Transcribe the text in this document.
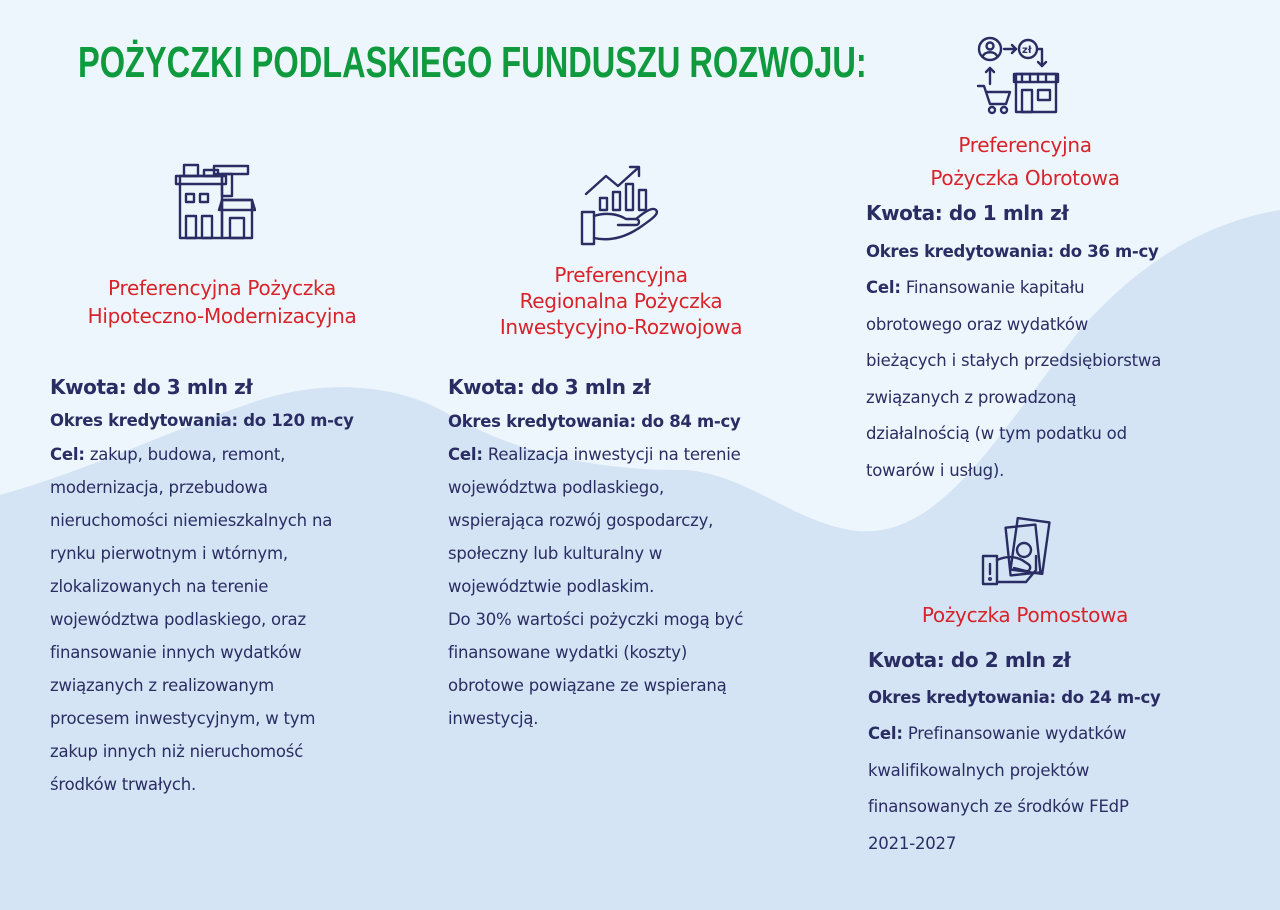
POŻYCZKI PODLASKIEGO FUNDUSZU ROZWOJU:
Preferencyjna Pożyczka
Hipoteczno-Modernizacyjna
Kwota: do 3 mln zł
Okres kredytowania: do 120 m-cy
Cel: zakup, budowa, remont,
modernizacja, przebudowa
nieruchomości niemieszkalnych na
rynku pierwotnym i wtórnym,
zlokalizowanych na terenie
województwa podlaskiego, oraz
finansowanie innych wydatków
związanych z realizowanym
procesem inwestycyjnym, w tym
zakup innych niż nieruchomość
środków trwałych.
Preferencyjna
Regionalna Pożyczka
Inwestycyjno-Rozwojowa
Kwota: do 3 mln zł
Okres kredytowania: do 84 m-cy
Cel: Realizacja inwestycji na terenie
województwa podlaskiego,
wspierająca rozwój gospodarczy,
społeczny lub kulturalny w
województwie podlaskim.
Do 30% wartości pożyczki mogą być
finansowane wydatki (koszty)
obrotowe powiązane ze wspieraną
inwestycją.
zł
Preferencyjna
Pożyczka Obrotowa
Kwota: do 1 mln zł
Okres kredytowania: do 36 m-cy
Cel: Finansowanie kapitału
obrotowego oraz wydatków
bieżących i stałych przedsiębiorstwa
związanych z prowadzoną
działalnością (w tym podatku od
towarów i usług).
Pożyczka Pomostowa
Kwota: do 2 mln zł
Okres kredytowania: do 24 m-cy
Cel: Prefinansowanie wydatków
kwalifikowalnych projektów
finansowanych ze środków FEdP
2021-2027
